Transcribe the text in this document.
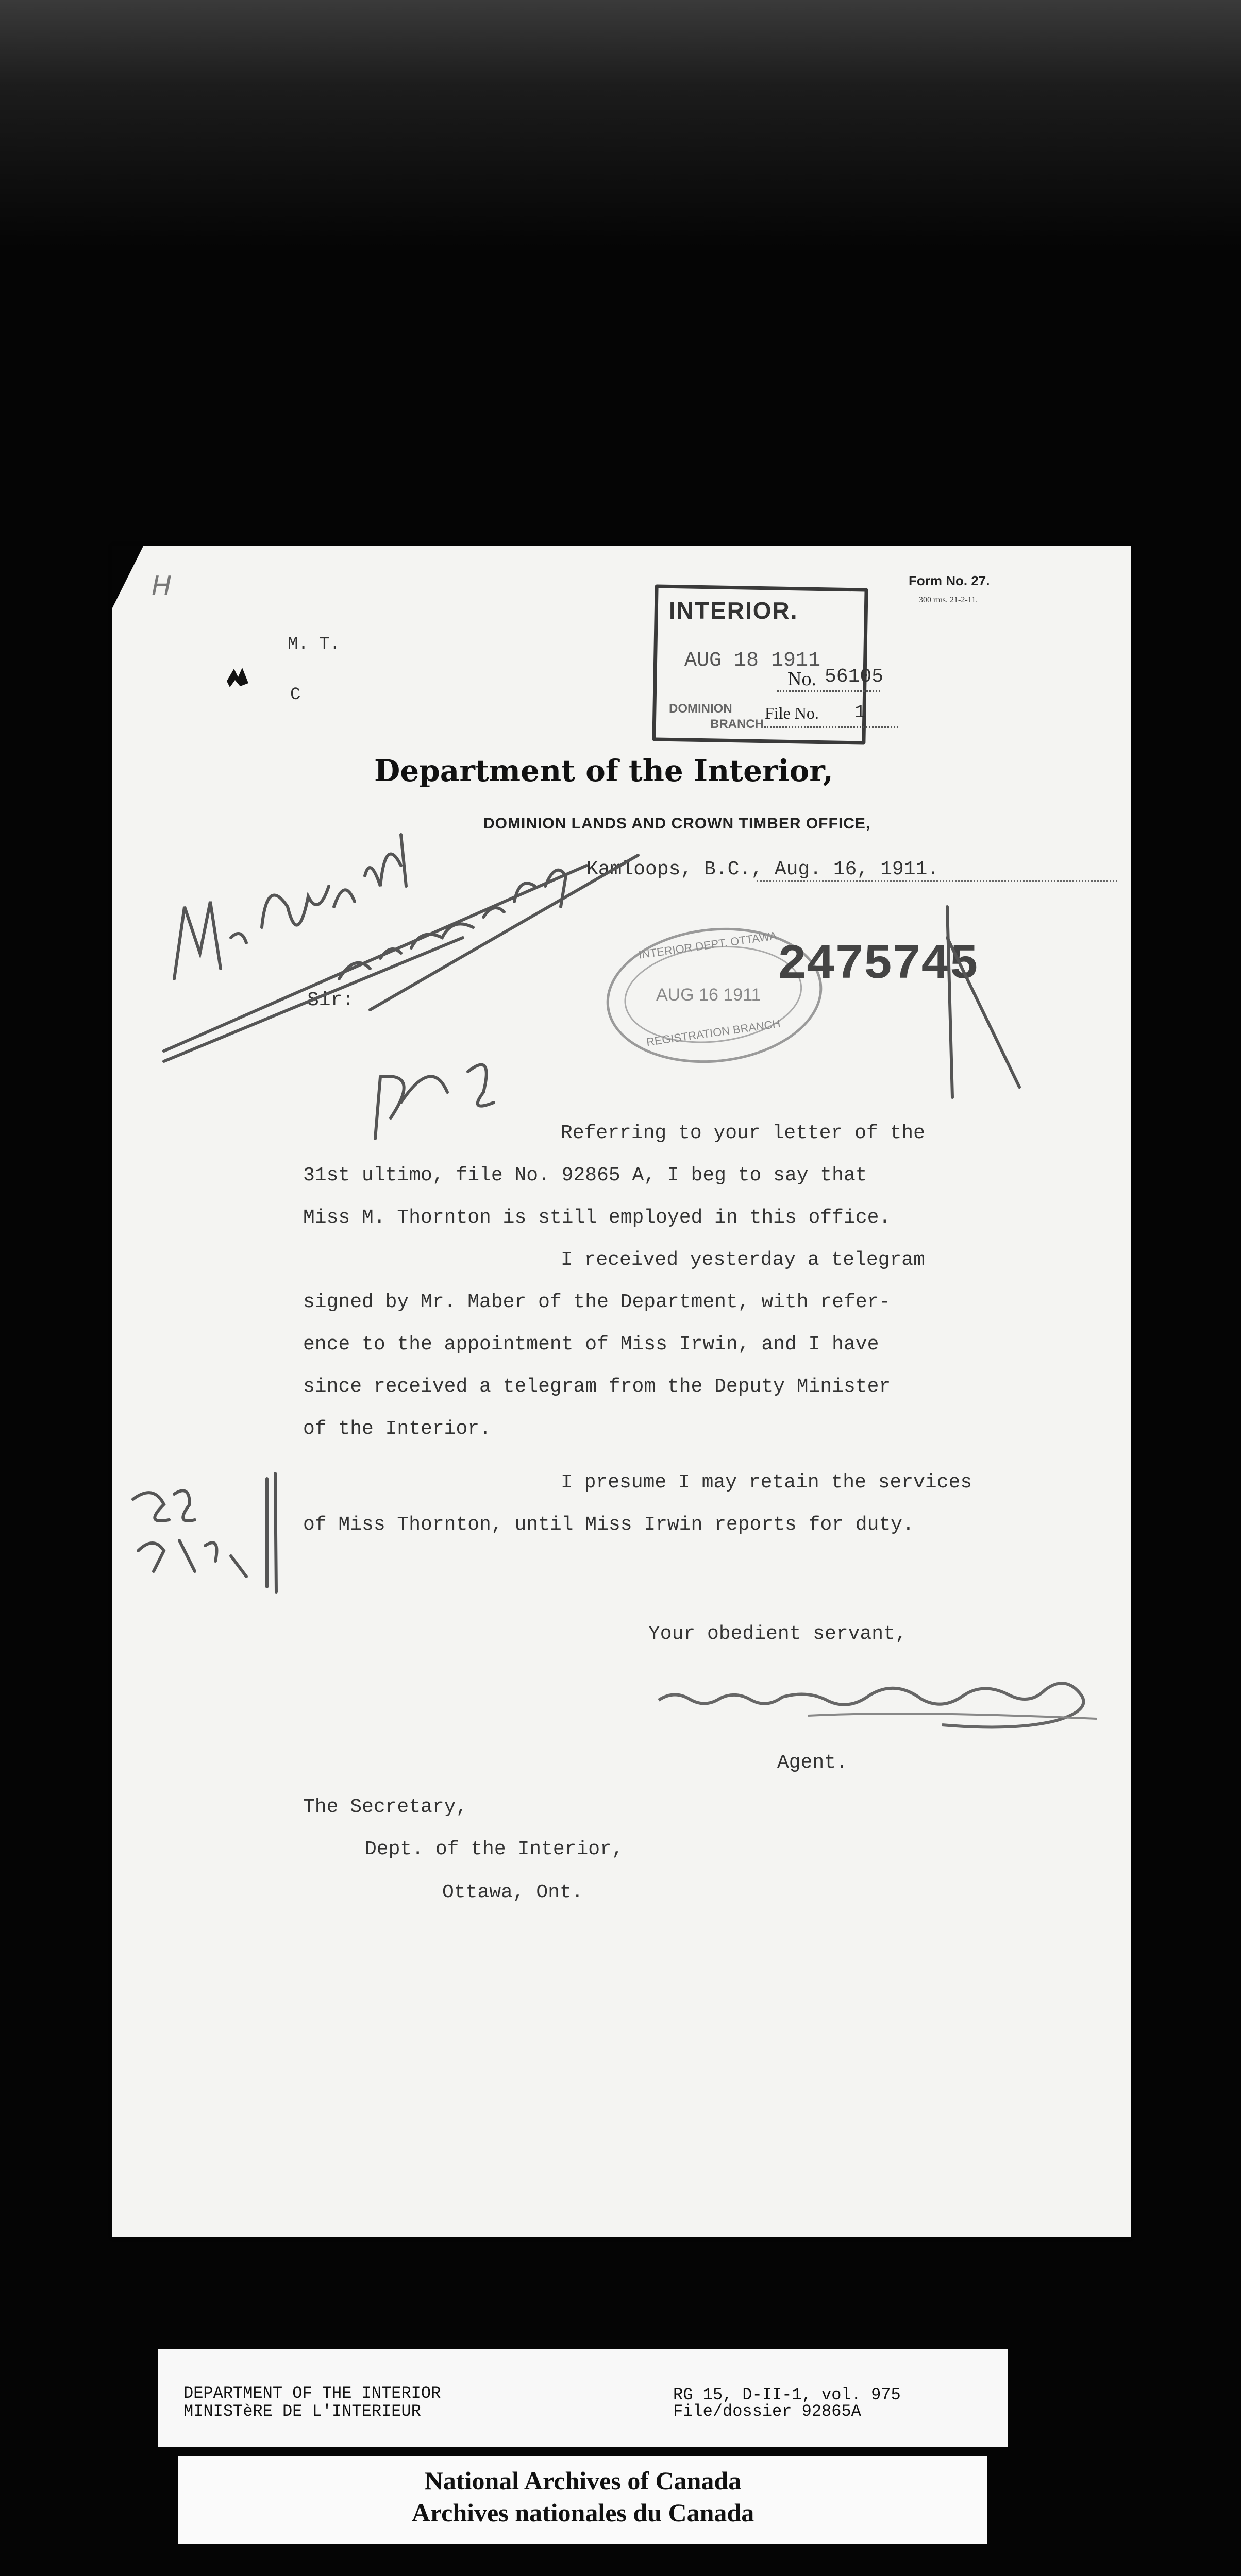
H	Form No. 27.
300 rms. 21-2-11.
M. T.
C
INTERIOR.
AUG 18 1911
DOMINION
BRANCH
No. 56105
File No. 1
Department of the Interior,
DOMINION LANDS AND CROWN TIMBER OFFICE,
Kamloops, B.C., Aug. 16, 1911.
Sir:
INTERIOR DEPT. OTTAWA
AUG 16 1911
REGISTRATION BRANCH
2475745
Referring to your letter of the
31st ultimo, file No. 92865 A, I beg to say that
Miss M. Thornton is still employed in this office.
I received yesterday a telegram
signed by Mr. Maber of the Department, with refer-
ence to the appointment of Miss Irwin, and I have
since received a telegram from the Deputy Minister
of the Interior.
I presume I may retain the services
of Miss Thornton, until Miss Irwin reports for duty.
Your obedient servant,
Agent.
The Secretary,
Dept. of the Interior,
Ottawa, Ont.
DEPARTMENT OF THE INTERIOR
MINISTèRE DE L'INTERIEUR
RG 15, D-II-1, vol. 975
File/dossier 92865A
National Archives of Canada
Archives nationales du Canada
